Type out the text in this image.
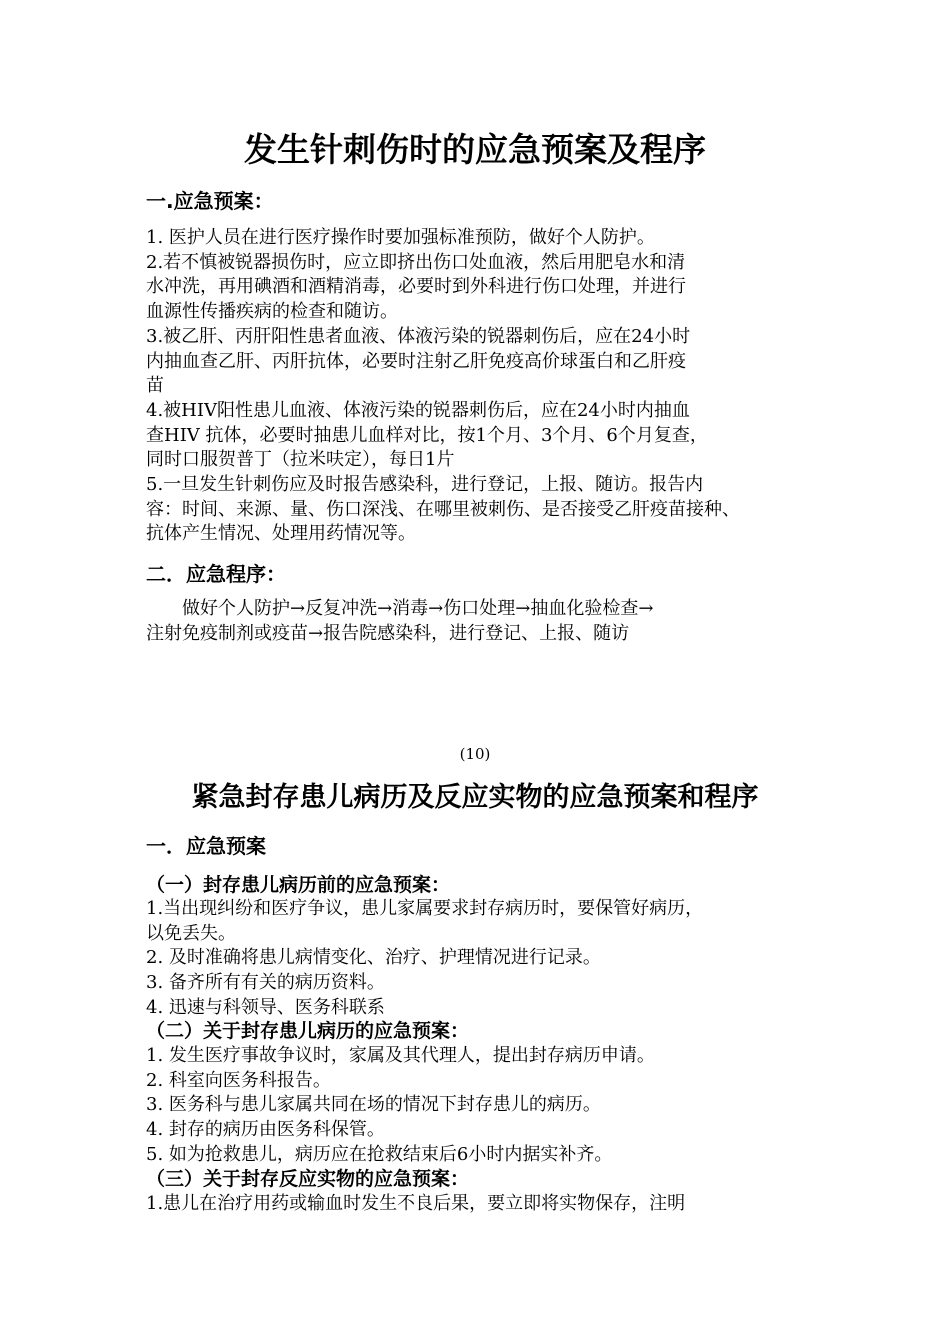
发生针刺伤时的应急预案及程序
一.应急预案：
1. 医护人员在进行医疗操作时要加强标准预防，做好个人防护。
2.若不慎被锐器损伤时，应立即挤出伤口处血液，然后用肥皂水和清
水冲洗，再用碘酒和酒精消毒，必要时到外科进行伤口处理，并进行
血源性传播疾病的检查和随访。
3.被乙肝、丙肝阳性患者血液、体液污染的锐器刺伤后，应在24小时
内抽血查乙肝、丙肝抗体，必要时注射乙肝免疫高价球蛋白和乙肝疫
苗
4.被HIV阳性患儿血液、体液污染的锐器刺伤后，应在24小时内抽血
查HIV 抗体，必要时抽患儿血样对比，按1个月、3个月、6个月复查，
同时口服贺普丁（拉米呋定），每日1片
5.一旦发生针刺伤应及时报告感染科，进行登记，上报、随访。报告内
容：时间、来源、量、伤口深浅、在哪里被刺伤、是否接受乙肝疫苗接种、
抗体产生情况、处理用药情况等。
二．应急程序：
　　做好个人防护→反复冲洗→消毒→伤口处理→抽血化验检查→
注射免疫制剂或疫苗→报告院感染科，进行登记、上报、随访
(10)
紧急封存患儿病历及反应实物的应急预案和程序
一．应急预案
（一）封存患儿病历前的应急预案：
1.当出现纠纷和医疗争议，患儿家属要求封存病历时，要保管好病历，
以免丢失。
2. 及时准确将患儿病情变化、治疗、护理情况进行记录。
3. 备齐所有有关的病历资料。
4. 迅速与科领导、医务科联系
（二）关于封存患儿病历的应急预案：
1. 发生医疗事故争议时，家属及其代理人，提出封存病历申请。
2. 科室向医务科报告。
3. 医务科与患儿家属共同在场的情况下封存患儿的病历。
4. 封存的病历由医务科保管。
5. 如为抢救患儿，病历应在抢救结束后6小时内据实补齐。
（三）关于封存反应实物的应急预案：
1.患儿在治疗用药或输血时发生不良后果，要立即将实物保存，注明
